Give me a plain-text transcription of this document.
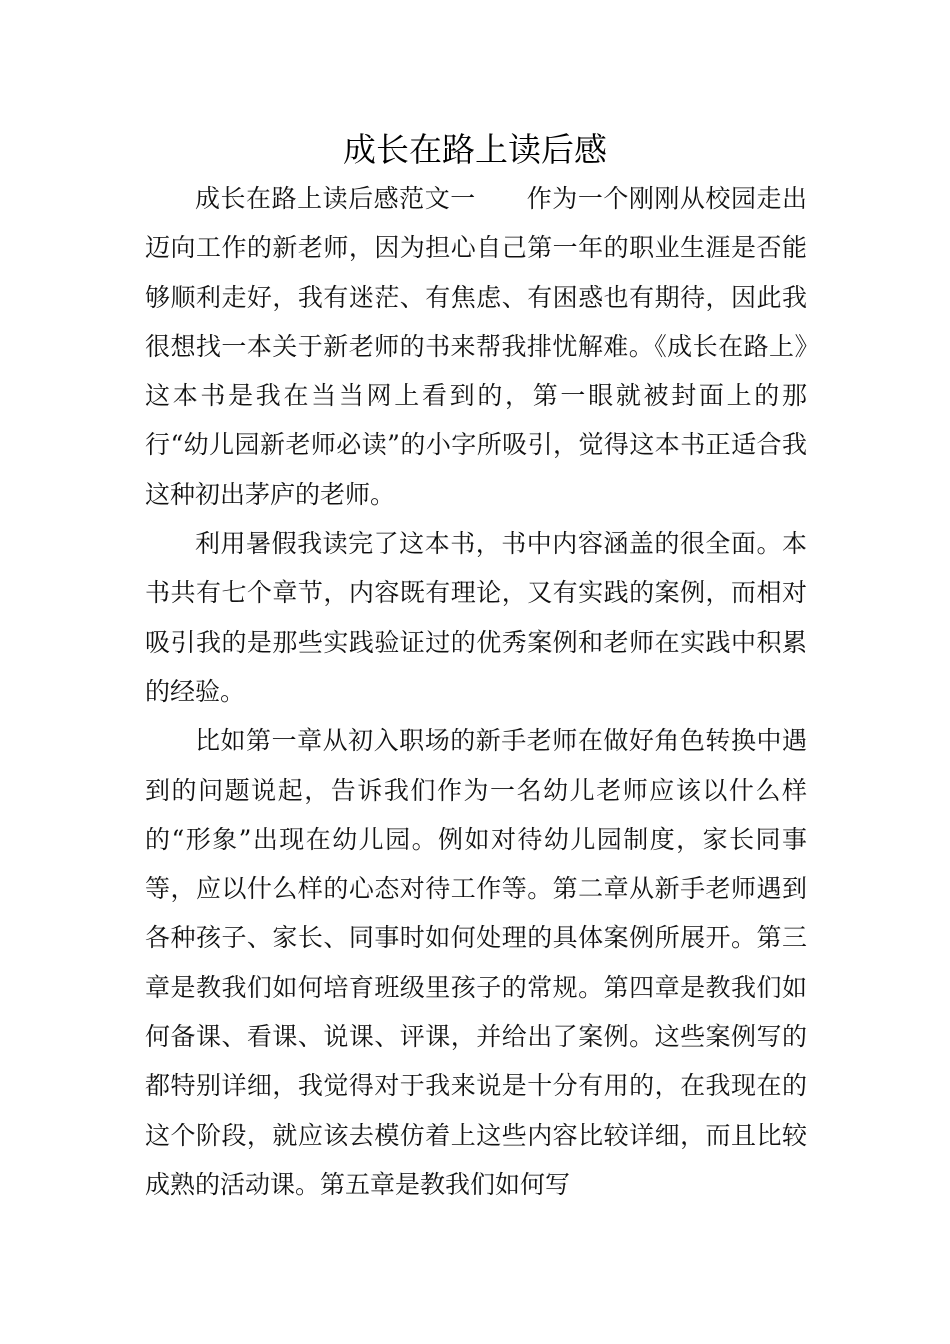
成长在路上读后感

成长在路上读后感范文一　　作为一个刚刚从校园走出迈向工作的新老师，因为担心自己第一年的职业生涯是否能够顺利走好，我有迷茫、有焦虑、有困惑也有期待，因此我很想找一本关于新老师的书来帮我排忧解难。《成长在路上》这本书是我在当当网上看到的，第一眼就被封面上的那行“幼儿园新老师必读”的小字所吸引，觉得这本书正适合我这种初出茅庐的老师。

利用暑假我读完了这本书，书中内容涵盖的很全面。本书共有七个章节，内容既有理论，又有实践的案例，而相对吸引我的是那些实践验证过的优秀案例和老师在实践中积累的经验。

比如第一章从初入职场的新手老师在做好角色转换中遇到的问题说起，告诉我们作为一名幼儿老师应该以什么样的“形象”出现在幼儿园。例如对待幼儿园制度，家长同事等，应以什么样的心态对待工作等。第二章从新手老师遇到各种孩子、家长、同事时如何处理的具体案例所展开。第三章是教我们如何培育班级里孩子的常规。第四章是教我们如何备课、看课、说课、评课，并给出了案例。这些案例写的都特别详细，我觉得对于我来说是十分有用的，在我现在的这个阶段，就应该去模仿着上这些内容比较详细，而且比较成熟的活动课。第五章是教我们如何写
